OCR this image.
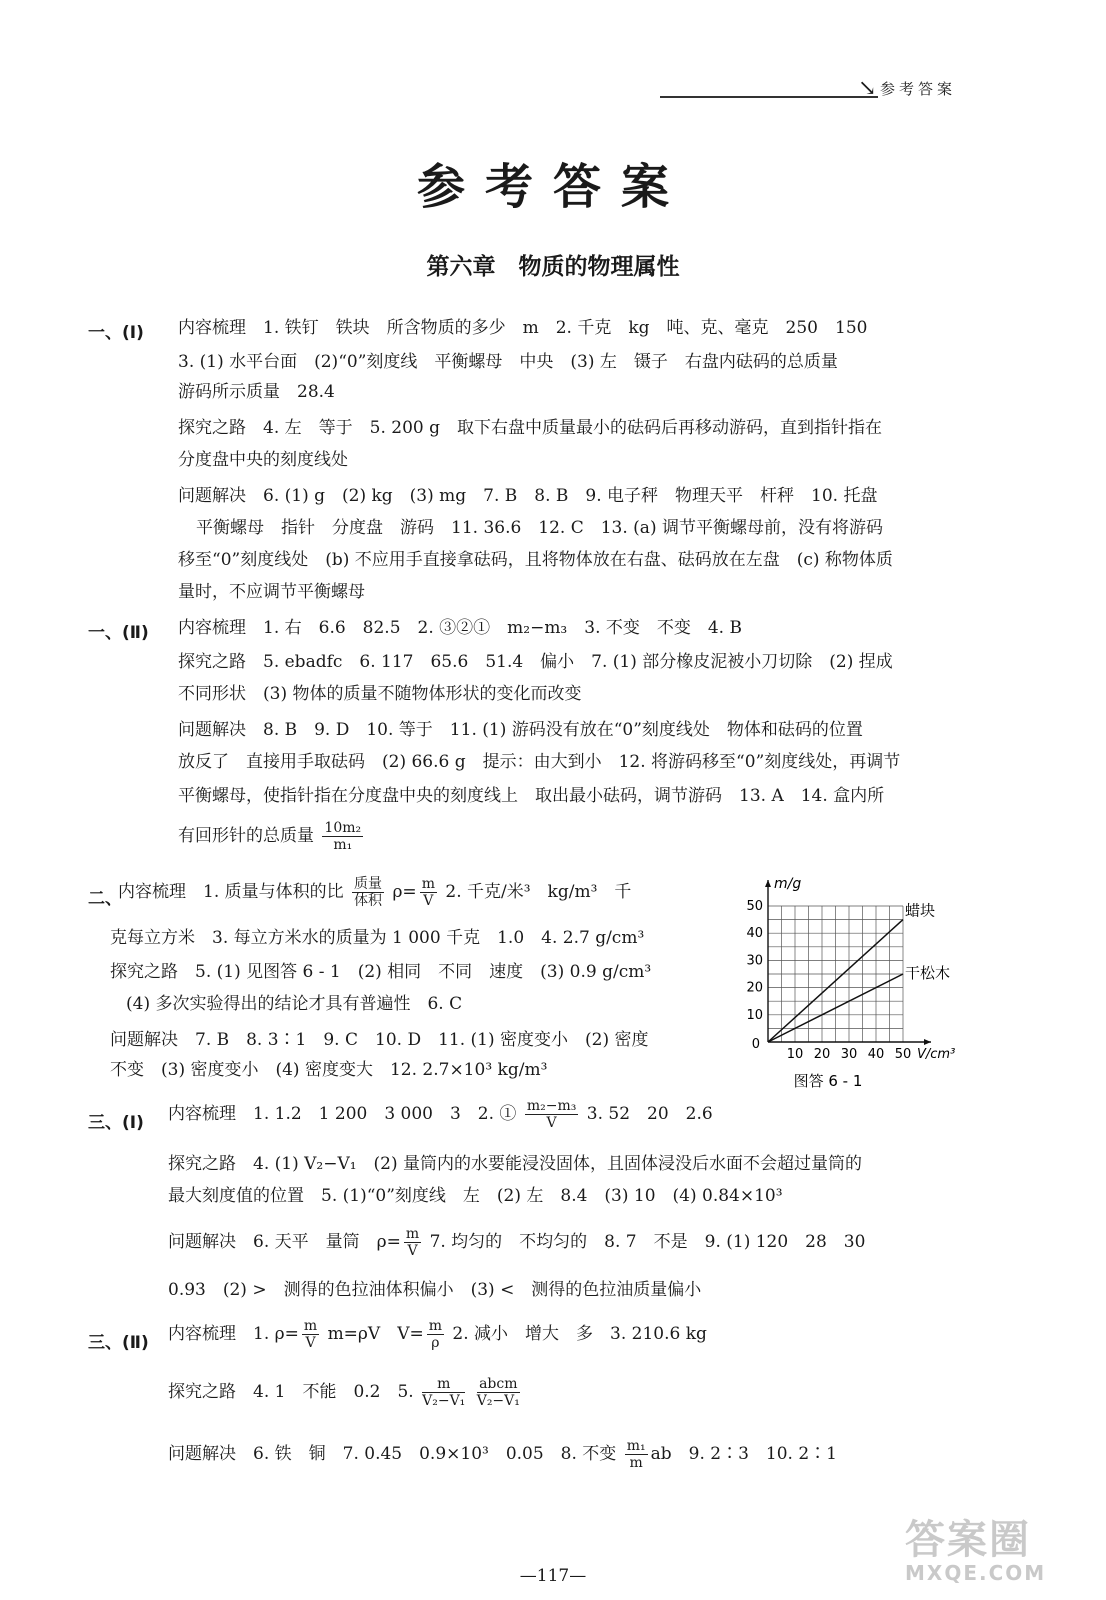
↘ 参考答案
参考答案
第六章　物质的物理属性
一、(Ⅰ) 内容梳理　1. 铁钉　铁块　所含物质的多少　m　2. 千克　kg　吨、克、毫克　250　150
3. (1) 水平台面　(2)“0”刻度线　平衡螺母　中央　(3) 左　镊子　右盘内砝码的总质量
游码所示质量　28.4
探究之路　4. 左　等于　5. 200 g　取下右盘中质量最小的砝码后再移动游码，直到指针指在
分度盘中央的刻度线处
问题解决　6. (1) g　(2) kg　(3) mg　7. B　8. B　9. 电子秤　物理天平　杆秤　10. 托盘
平衡螺母　指针　分度盘　游码　11. 36.6　12. C　13. (a) 调节平衡螺母前，没有将游码
移至“0”刻度线处　(b) 不应用手直接拿砝码，且将物体放在右盘、砝码放在左盘　(c) 称物体质
量时，不应调节平衡螺母
一、(Ⅱ) 内容梳理　1. 右　6.6　82.5　2. ③②①　m₂−m₃　3. 不变　不变　4. B
探究之路　5. ebadfc　6. 117　65.6　51.4　偏小　7. (1) 部分橡皮泥被小刀切除　(2) 捏成
不同形状　(3) 物体的质量不随物体形状的变化而改变
问题解决　8. B　9. D　10. 等于　11. (1) 游码没有放在“0”刻度线处　物体和砝码的位置
放反了　直接用手取砝码　(2) 66.6 g　提示：由大到小　12. 将游码移至“0”刻度线处，再调节
平衡螺母，使指针指在分度盘中央的刻度线上　取出最小砝码，调节游码　13. A　14. 盒内所
有回形针的总质量 $\frac{\text{10m₂}}{\text{m₁}}$
二、
内容梳理　1. 质量与体积的比 $\frac{\text{质量}}{\text{体积}} \rho= \frac{m}{V} 2$. 千克/米³　kg/m³　千
克每立方米　3. 每立方米水的质量为 1 000 千克　1.0　4. 2.7 g/cm³
探究之路　5. (1) 见图答 6 - 1　(2) 相同　不同　速度　(3) 0.9 g/cm³
(4) 多次实验得出的结论才具有普遍性　6. C
问题解决　7. B　8. 3∶1　9. C　10. D　11. (1) 密度变小　(2) 密度
不变　(3) 密度变小　(4) 密度变大　12. 2.7×10³ kg/m³
10 20 30 40 50
10
20
30
40
50
0
m/g
V/cm³
图答 6 - 1
蜡块
干松木
三、(Ⅰ) 内容梳理　1. 1.2　1 200　3 000　3　2. ① $\frac{\text{m₂−m₃}}{V} 3$. 52　20　2.6
探究之路　4. (1) V₂−V₁　(2) 量筒内的水要能浸没固体，且固体浸没后水面不会超过量筒的
最大刻度值的位置　5. (1)“0”刻度线　左　(2) 左　8.4　(3) 10　(4) 0.84×10³
问题解决　6. 天平　量筒　$\rho= \frac{m}{V} 7$. 均匀的　不均匀的　8. 7　不是　9. (1) 120　28　30
0.93　(2) >　测得的色拉油体积偏小　(3) <　测得的色拉油质量偏小
三、(Ⅱ) 内容梳理　1. $\rho= \frac{m}{V} m=\rho V$　$V= \frac{m}{\rho} 2$. 减小　增大　多　3. 210.6 kg
探究之路　4. 1　不能　0.2　5. $\frac{m}{\text{V₂−V₁}}$
$\frac{\text{abcm}}{\text{V₂−V₁}}$
问题解决　6. 铁　铜　7. 0.45　0.9×10³　0.05　8. 不变 $\frac{\text{m₁}}{m}$ ab　9. 2∶3　10. 2∶1
—117—
答案圈
MXQE.COM
